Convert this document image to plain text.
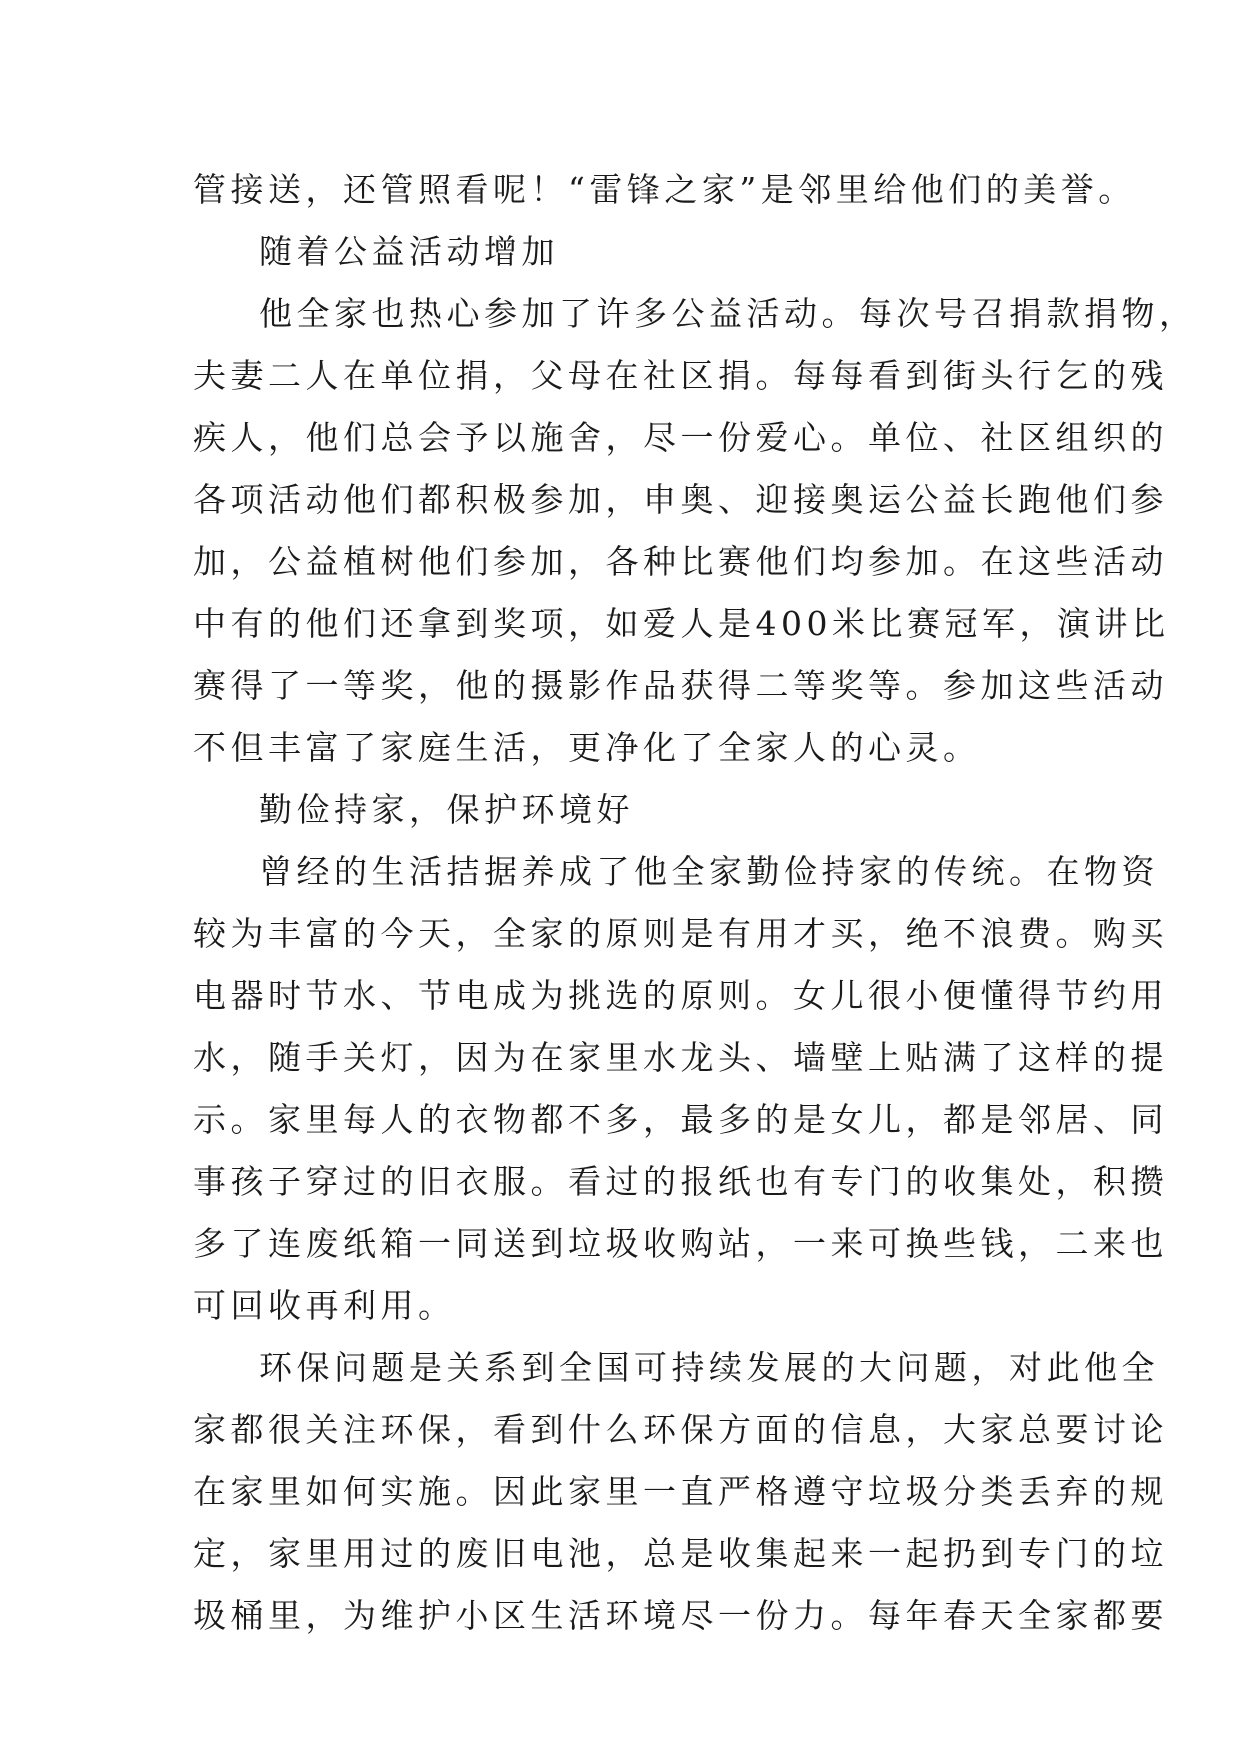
管接送，还管照看呢！“雷锋之家”是邻里给他们的美誉。

随着公益活动增加

他全家也热心参加了许多公益活动。每次号召捐款捐物，

夫妻二人在单位捐，父母在社区捐。每每看到街头行乞的残

疾人，他们总会予以施舍，尽一份爱心。单位、社区组织的

各项活动他们都积极参加，申奥、迎接奥运公益长跑他们参

加，公益植树他们参加，各种比赛他们均参加。在这些活动

中有的他们还拿到奖项，如爱人是400米比赛冠军，演讲比

赛得了一等奖，他的摄影作品获得二等奖等。参加这些活动

不但丰富了家庭生活，更净化了全家人的心灵。

勤俭持家，保护环境好

曾经的生活拮据养成了他全家勤俭持家的传统。在物资

较为丰富的今天，全家的原则是有用才买，绝不浪费。购买

电器时节水、节电成为挑选的原则。女儿很小便懂得节约用

水，随手关灯，因为在家里水龙头、墙壁上贴满了这样的提

示。家里每人的衣物都不多，最多的是女儿，都是邻居、同

事孩子穿过的旧衣服。看过的报纸也有专门的收集处，积攒

多了连废纸箱一同送到垃圾收购站，一来可换些钱，二来也

可回收再利用。

环保问题是关系到全国可持续发展的大问题，对此他全

家都很关注环保，看到什么环保方面的信息，大家总要讨论

在家里如何实施。因此家里一直严格遵守垃圾分类丢弃的规

定，家里用过的废旧电池，总是收集起来一起扔到专门的垃

圾桶里，为维护小区生活环境尽一份力。每年春天全家都要
